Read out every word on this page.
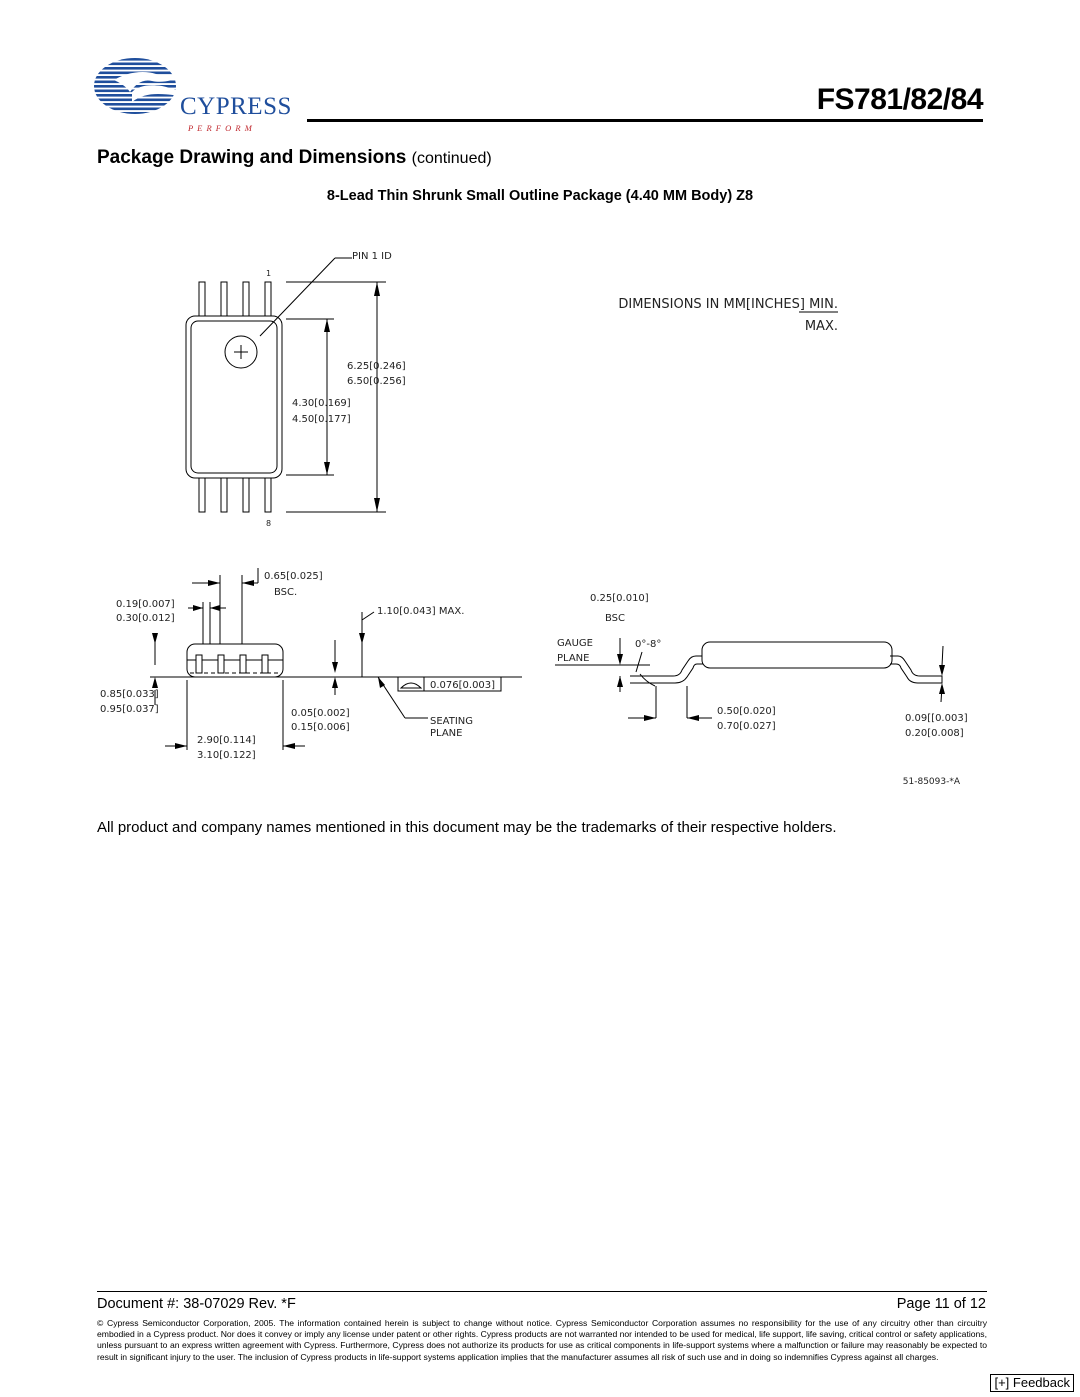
CYPRESS
P E R F O R M
FS781/82/84
Package Drawing and Dimensions (continued)
8-Lead Thin Shrunk Small Outline Package (4.40 MM Body) Z8
PIN 1 ID
1
8
6.25[0.246]
6.50[0.256]
4.30[0.169]
4.50[0.177]
DIMENSIONS IN MM[INCHES] MIN.
MAX.
0.65[0.025]
BSC.
0.19[0.007]
0.30[0.012]
0.85[0.033]
0.95[0.037]
1.10[0.043] MAX.
0.05[0.002]
0.15[0.006]
0.076[0.003]
SEATING
PLANE
2.90[0.114]
3.10[0.122]
0.25[0.010]
BSC
GAUGE
PLANE
0°-8°
0.50[0.020]
0.70[0.027]
0.09[[0.003]
0.20[0.008]
51-85093-*A
All product and company names mentioned in this document may be the trademarks of their respective holders.
Document #: 38-07029 Rev. *F	Page 11 of 12
© Cypress Semiconductor Corporation, 2005. The information contained herein is subject to change without notice. Cypress Semiconductor Corporation assumes no responsibility for the use of any circuitry other than circuitry embodied in a Cypress product. Nor does it convey or imply any license under patent or other rights. Cypress products are not warranted nor intended to be used for medical, life support, life saving, critical control or safety applications, unless pursuant to an express written agreement with Cypress. Furthermore, Cypress does not authorize its products for use as critical components in life-support systems where a malfunction or failure may reasonably be expected to result in significant injury to the user. The inclusion of Cypress products in life-support systems application implies that the manufacturer assumes all risk of such use and in doing so indemnifies Cypress against all charges.
[+] Feedback
